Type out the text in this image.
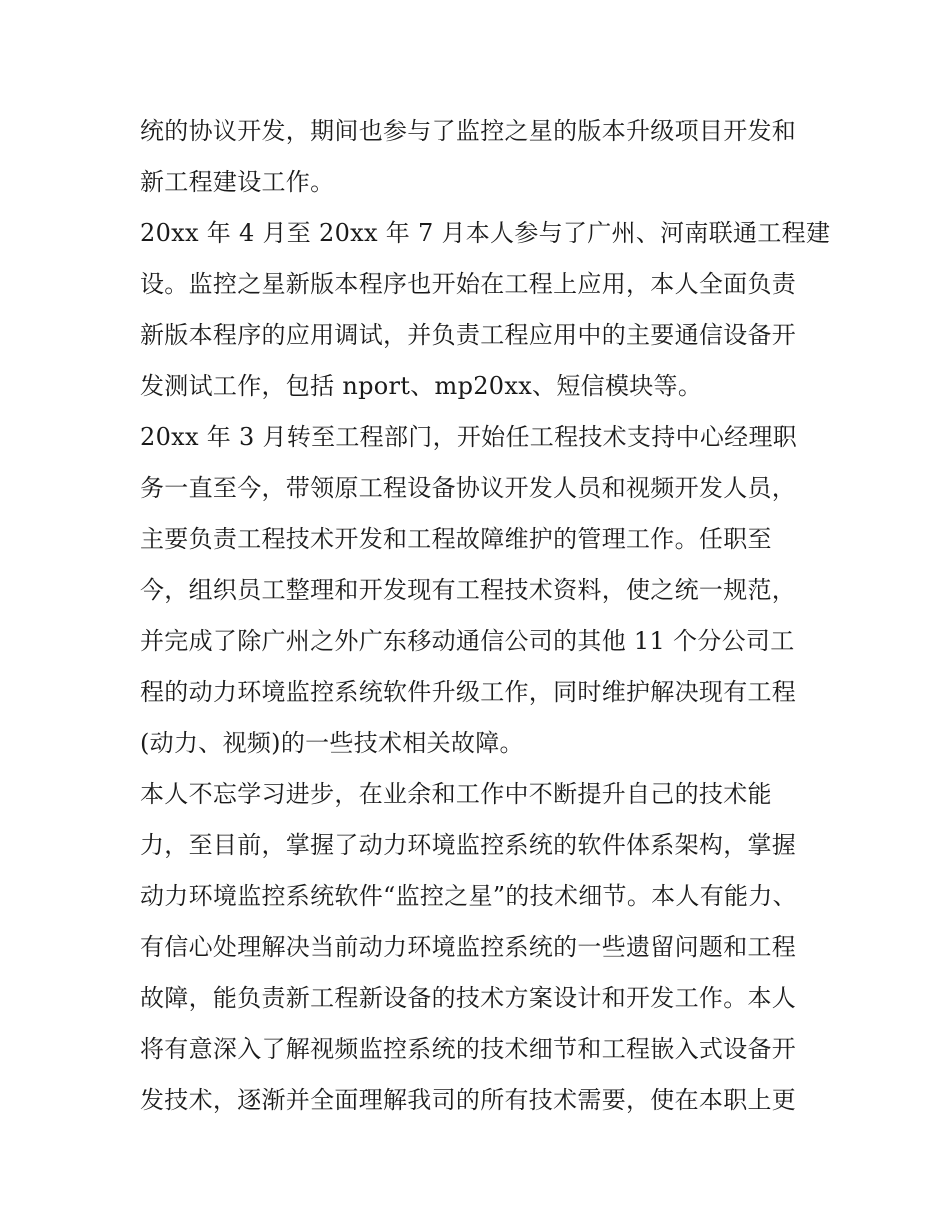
统的协议开发，期间也参与了监控之星的版本升级项目开发和
新工程建设工作。
20xx 年 4 月至 20xx 年 7 月本人参与了广州、河南联通工程建
设。监控之星新版本程序也开始在工程上应用，本人全面负责
新版本程序的应用调试，并负责工程应用中的主要通信设备开
发测试工作，包括 nport、mp20xx、短信模块等。
20xx 年 3 月转至工程部门，开始任工程技术支持中心经理职
务一直至今，带领原工程设备协议开发人员和视频开发人员，
主要负责工程技术开发和工程故障维护的管理工作。任职至
今，组织员工整理和开发现有工程技术资料，使之统一规范，
并完成了除广州之外广东移动通信公司的其他 11 个分公司工
程的动力环境监控系统软件升级工作，同时维护解决现有工程
(动力、视频)的一些技术相关故障。
本人不忘学习进步，在业余和工作中不断提升自己的技术能
力，至目前，掌握了动力环境监控系统的软件体系架构，掌握
动力环境监控系统软件“监控之星”的技术细节。本人有能力、
有信心处理解决当前动力环境监控系统的一些遗留问题和工程
故障，能负责新工程新设备的技术方案设计和开发工作。本人
将有意深入了解视频监控系统的技术细节和工程嵌入式设备开
发技术，逐渐并全面理解我司的所有技术需要，使在本职上更
